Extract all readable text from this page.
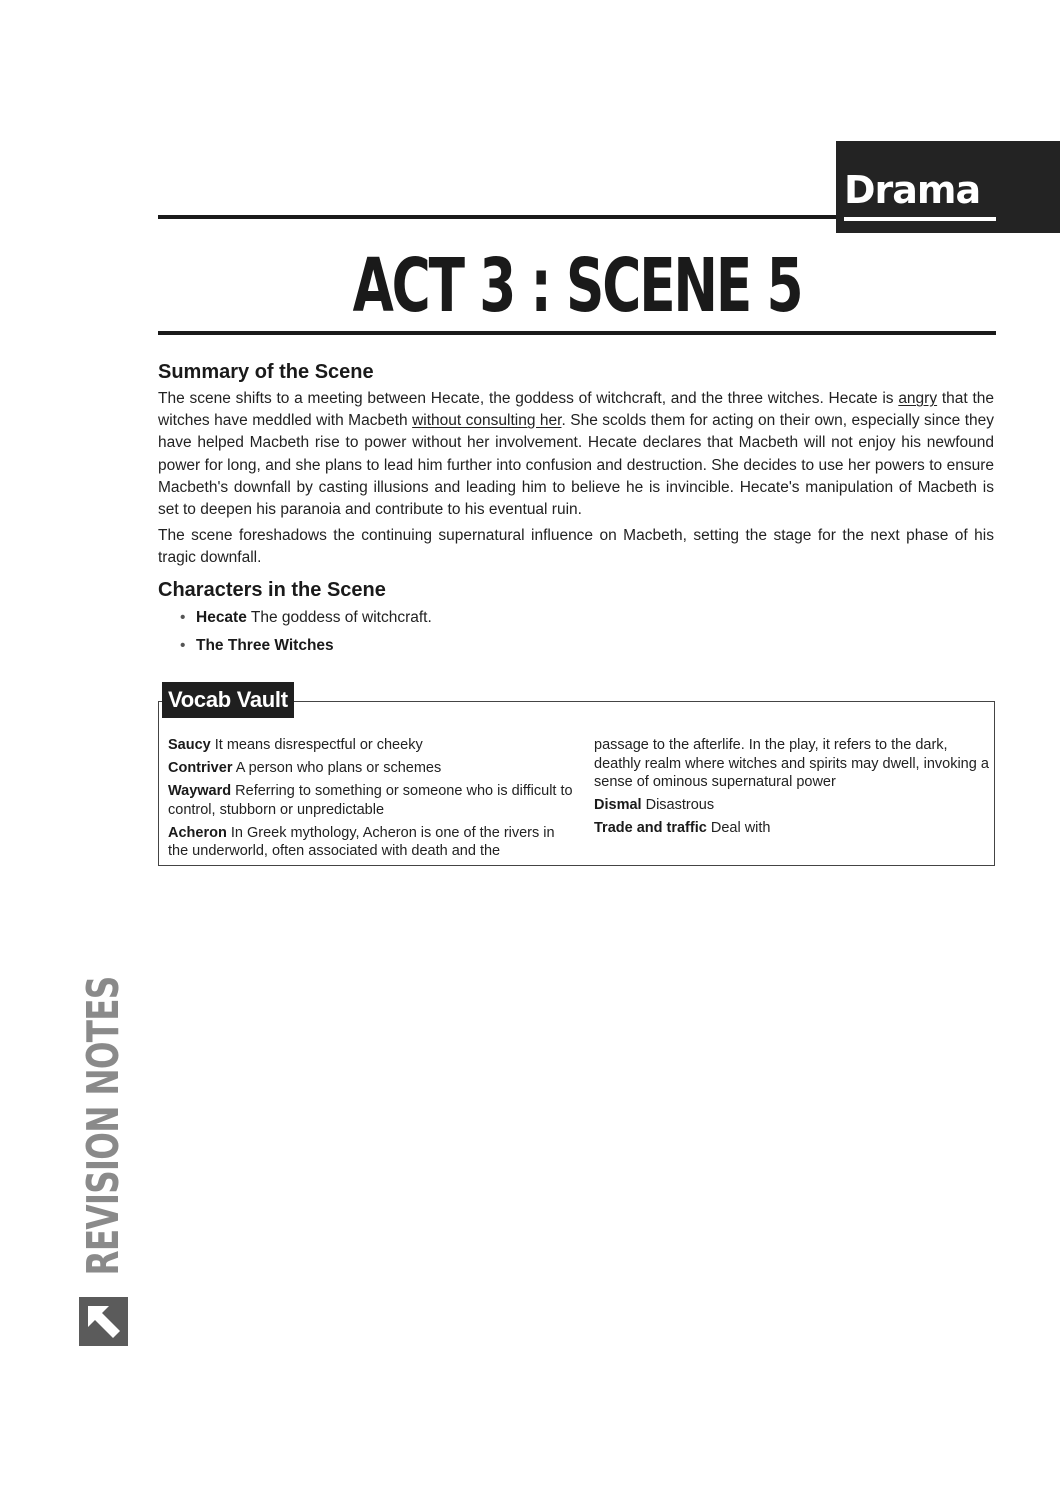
Drama
ACT 3 : SCENE 5
Summary of the Scene

The scene shifts to a meeting between Hecate, the goddess of witchcraft, and the three witches. Hecate is angry that the witches have meddled with Macbeth without consulting her. She scolds them for acting on their own, especially since they have helped Macbeth rise to power without her involvement. Hecate declares that Macbeth will not enjoy his newfound power for long, and she plans to lead him further into confusion and destruction. She decides to use her powers to ensure Macbeth's downfall by casting illusions and leading him to believe he is invincible. Hecate's manipulation of Macbeth is set to deepen his paranoia and contribute to his eventual ruin.

The scene foreshadows the continuing supernatural influence on Macbeth, setting the stage for the next phase of his tragic downfall.

Characters in the Scene
• Hecate The goddess of witchcraft.
• The Three Witches
Vocab Vault
Saucy It means disrespectful or cheeky
Contriver A person who plans or schemes
Wayward Referring to something or someone who is difficult to control, stubborn or unpredictable
Acheron In Greek mythology, Acheron is one of the rivers in the underworld, often associated with death and the
passage to the afterlife. In the play, it refers to the dark, deathly realm where witches and spirits may dwell, invoking a sense of ominous supernatural power
Dismal Disastrous
Trade and traffic Deal with
REVISION NOTES
